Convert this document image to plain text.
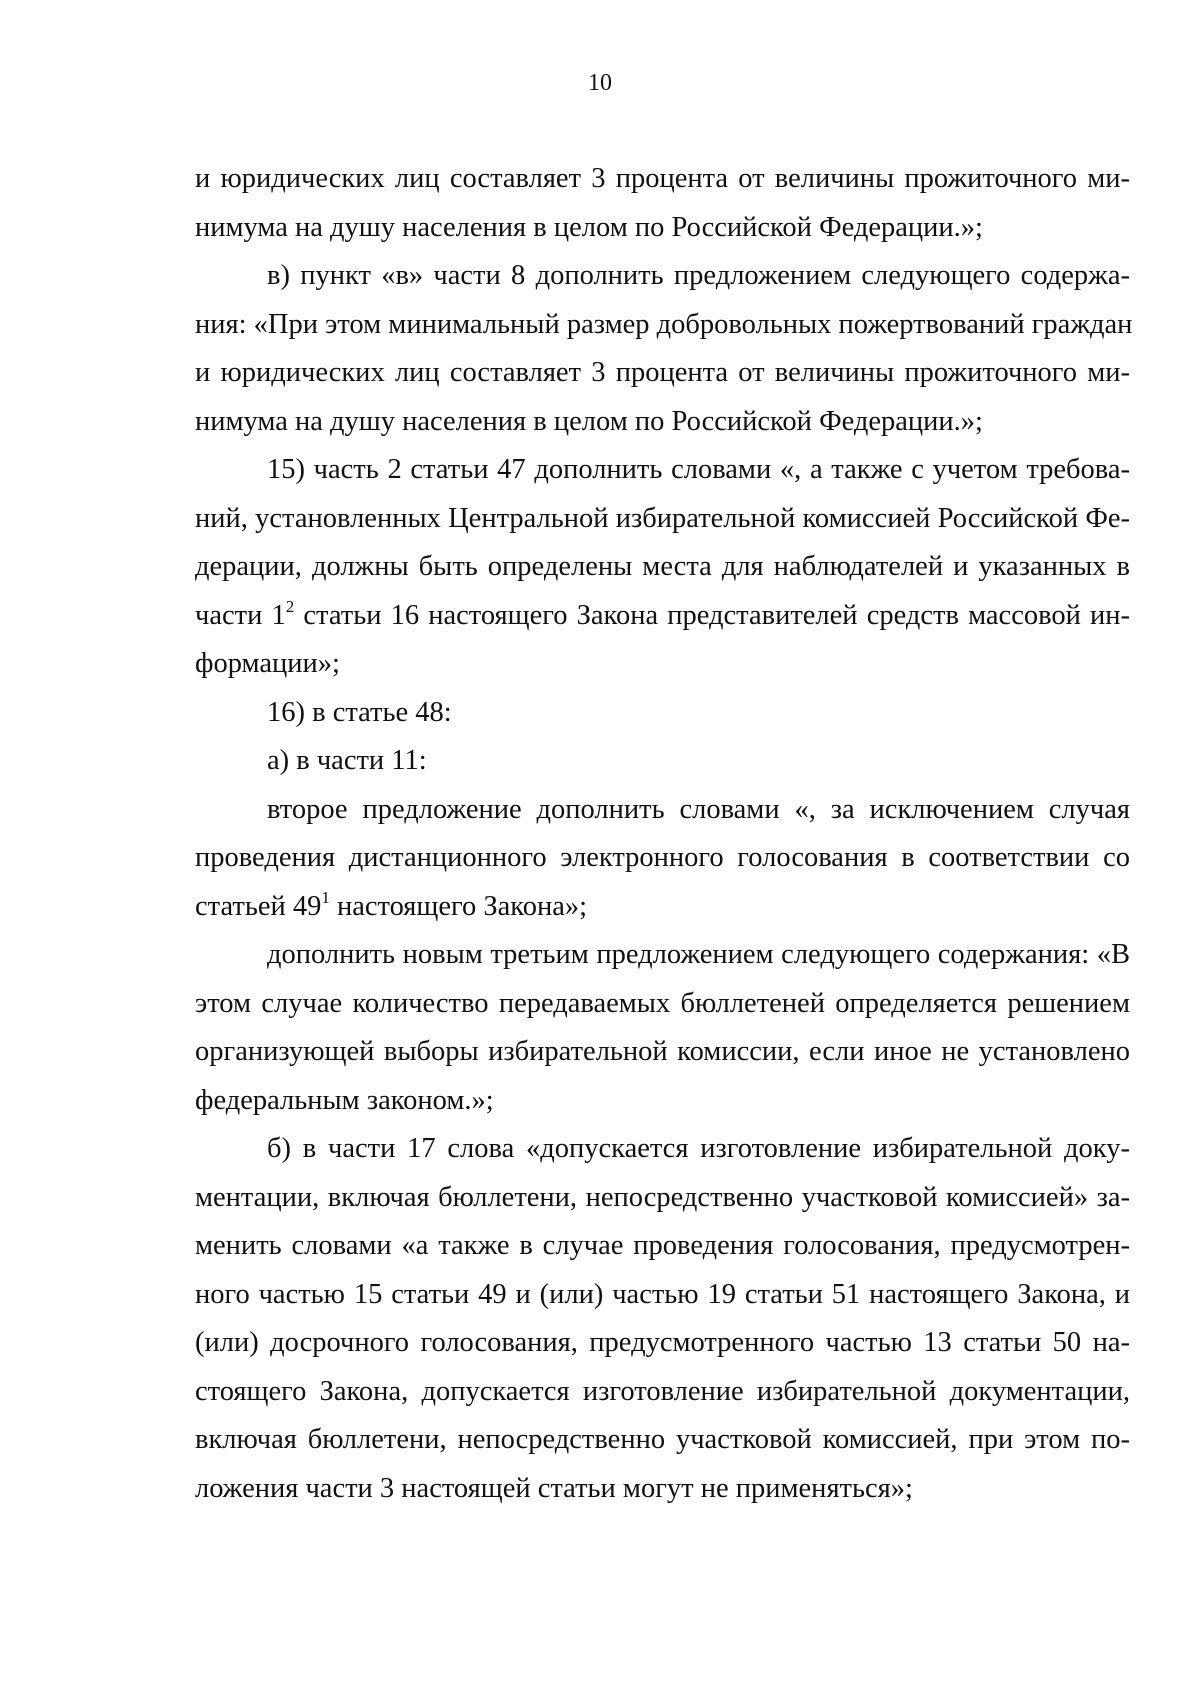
10
и юридических лиц составляет 3 процента от величины прожиточного ми-
нимума на душу населения в целом по Российской Федерации.»;
в) пункт «в» части 8 дополнить предложением следующего содержа-
ния: «При этом минимальный размер добровольных пожертвований граждан
и юридических лиц составляет 3 процента от величины прожиточного ми-
нимума на душу населения в целом по Российской Федерации.»;
15) часть 2 статьи 47 дополнить словами «, а также с учетом требова-
ний, установленных Центральной избирательной комиссией Российской Фе-
дерации, должны быть определены места для наблюдателей и указанных в
части $1^2$ статьи 16 настоящего Закона представителей средств массовой ин-
формации»;
16) в статье 48:
а) в части 11:
второе предложение дополнить словами «, за исключением случая
проведения дистанционного электронного голосования в соответствии со
статьей $49^1$ настоящего Закона»;
дополнить новым третьим предложением следующего содержания: «В
этом случае количество передаваемых бюллетеней определяется решением
организующей выборы избирательной комиссии, если иное не установлено
федеральным законом.»;
б) в части 17 слова «допускается изготовление избирательной доку-
ментации, включая бюллетени, непосредственно участковой комиссией» за-
менить словами «а также в случае проведения голосования, предусмотрен-
ного частью 15 статьи 49 и (или) частью 19 статьи 51 настоящего Закона, и
(или) досрочного голосования, предусмотренного частью 13 статьи 50 на-
стоящего Закона, допускается изготовление избирательной документации,
включая бюллетени, непосредственно участковой комиссией, при этом по-
ложения части 3 настоящей статьи могут не применяться»;
